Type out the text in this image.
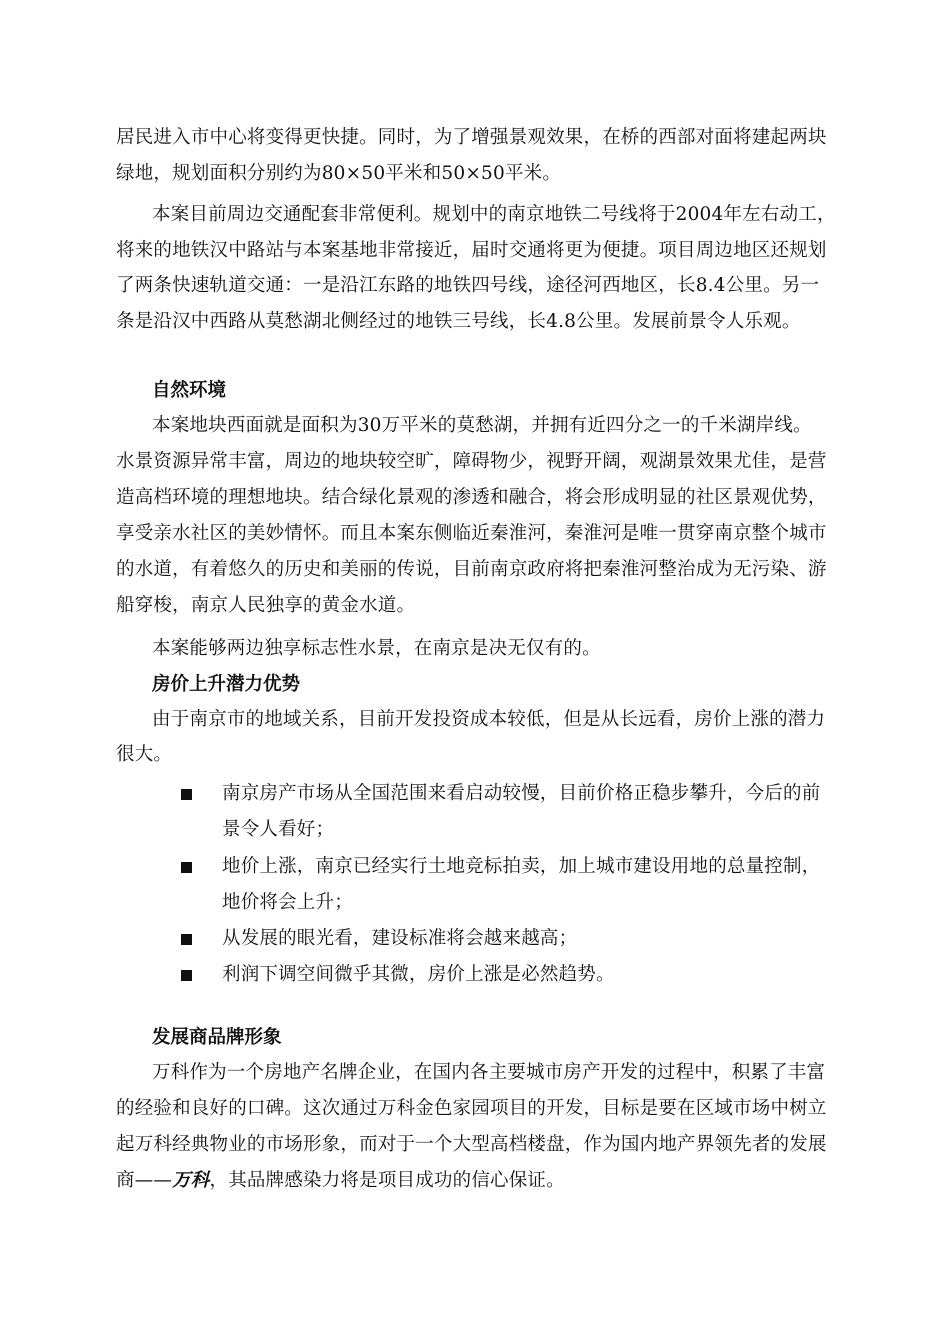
居民进入市中心将变得更快捷。同时，为了增强景观效果，在桥的西部对面将建起两块
绿地，规划面积分别约为80×50平米和50×50平米。
本案目前周边交通配套非常便利。规划中的南京地铁二号线将于2004年左右动工，
将来的地铁汉中路站与本案基地非常接近，届时交通将更为便捷。项目周边地区还规划
了两条快速轨道交通：一是沿江东路的地铁四号线，途径河西地区，长8.4公里。另一
条是沿汉中西路从莫愁湖北侧经过的地铁三号线，长4.8公里。发展前景令人乐观。
自然环境
本案地块西面就是面积为30万平米的莫愁湖，并拥有近四分之一的千米湖岸线。
水景资源异常丰富，周边的地块较空旷，障碍物少，视野开阔，观湖景效果尤佳，是营
造高档环境的理想地块。结合绿化景观的渗透和融合，将会形成明显的社区景观优势，
享受亲水社区的美妙情怀。而且本案东侧临近秦淮河，秦淮河是唯一贯穿南京整个城市
的水道，有着悠久的历史和美丽的传说，目前南京政府将把秦淮河整治成为无污染、游
船穿梭，南京人民独享的黄金水道。
本案能够两边独享标志性水景，在南京是决无仅有的。
房价上升潜力优势
由于南京市的地域关系，目前开发投资成本较低，但是从长远看，房价上涨的潜力
很大。
南京房产市场从全国范围来看启动较慢，目前价格正稳步攀升，今后的前
景令人看好；
地价上涨，南京已经实行土地竞标拍卖，加上城市建设用地的总量控制，
地价将会上升；
从发展的眼光看，建设标准将会越来越高；
利润下调空间微乎其微，房价上涨是必然趋势。
发展商品牌形象
万科作为一个房地产名牌企业，在国内各主要城市房产开发的过程中，积累了丰富
的经验和良好的口碑。这次通过万科金色家园项目的开发，目标是要在区域市场中树立
起万科经典物业的市场形象，而对于一个大型高档楼盘，作为国内地产界领先者的发展
商——万科，其品牌感染力将是项目成功的信心保证。
